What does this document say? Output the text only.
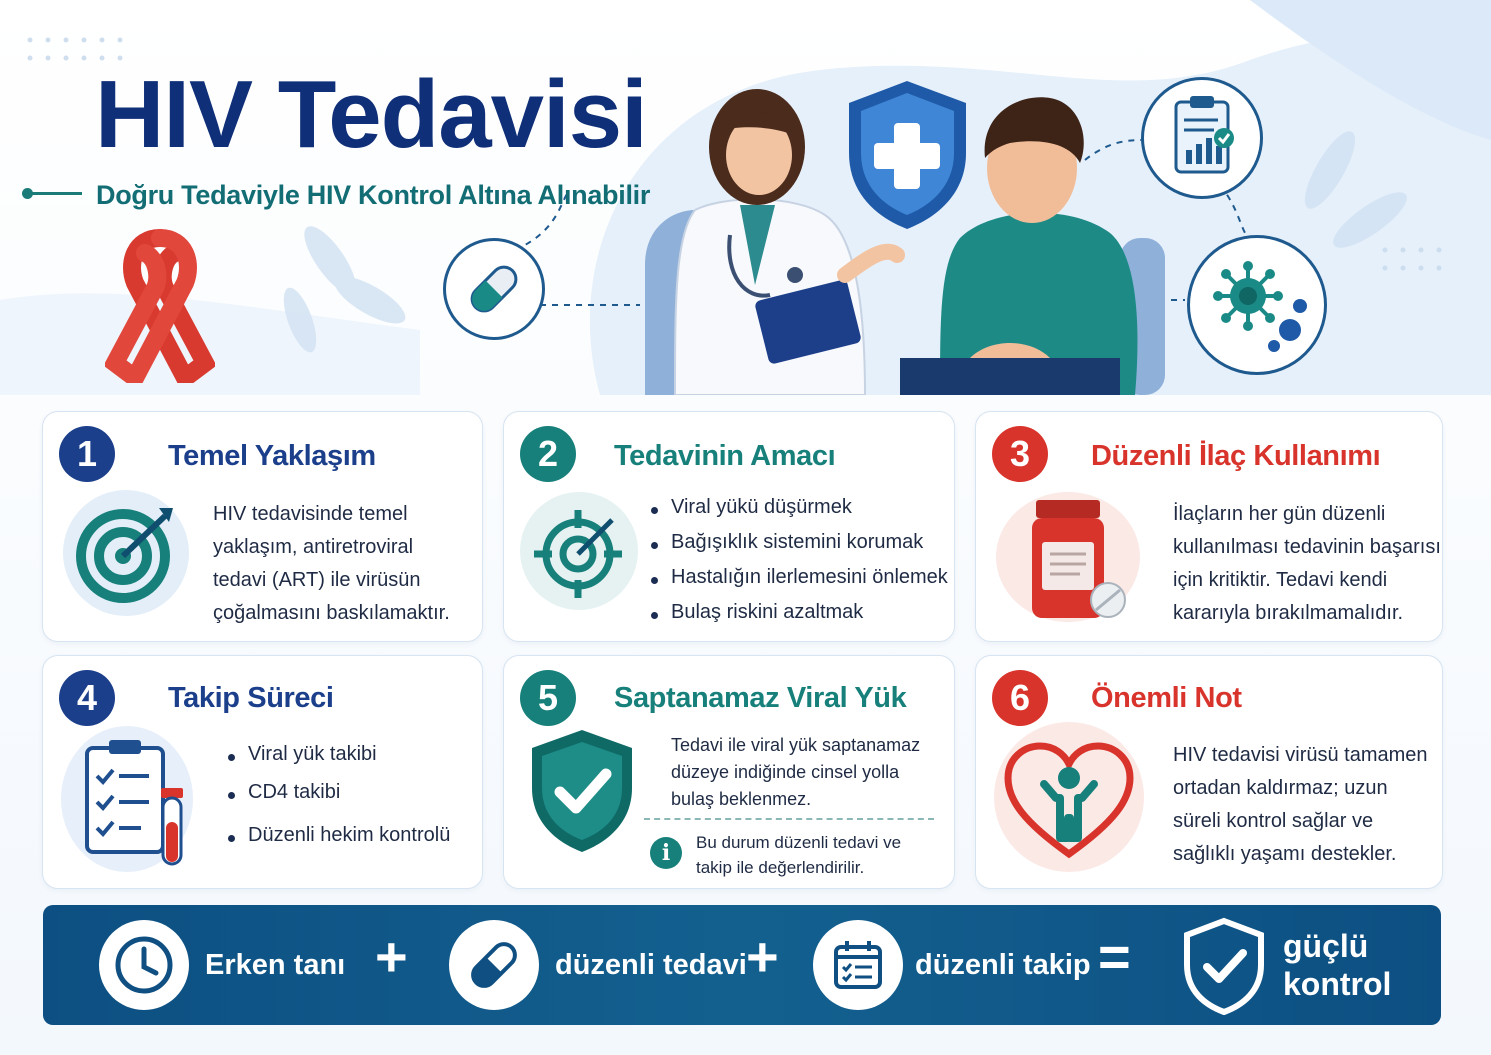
HIV Tedavisi
Doğru Tedaviyle HIV Kontrol Altına Alınabilir
1	Temel Yaklaşım
HIV tedavisinde temel
yaklaşım, antiretroviral
tedavi (ART) ile virüsün
çoğalmasını baskılamaktır.
2	Tedavinin Amacı
Viral yükü düşürmek
Bağışıklık sistemini korumak
Hastalığın ilerlemesini önlemek
Bulaş riskini azaltmak
3	Düzenli İlaç Kullanımı
İlaçların her gün düzenli
kullanılması tedavinin başarısı
için kritiktir. Tedavi kendi
kararıyla bırakılmamalıdır.
4	Takip Süreci
Viral yük takibi
CD4 takibi
Düzenli hekim kontrolü
5	Saptanamaz Viral Yük
Tedavi ile viral yük saptanamaz
düzeye indiğinde cinsel yolla
bulaş beklenmez.
i	Bu durum düzenli tedavi ve
takip ile değerlendirilir.
6	Önemli Not
HIV tedavisi virüsü tamamen
ortadan kaldırmaz; uzun
süreli kontrol sağlar ve
sağlıklı yaşamı destekler.
Erken tanı +	düzenli tedavi +	düzenli takip =	güçlü
kontrol
